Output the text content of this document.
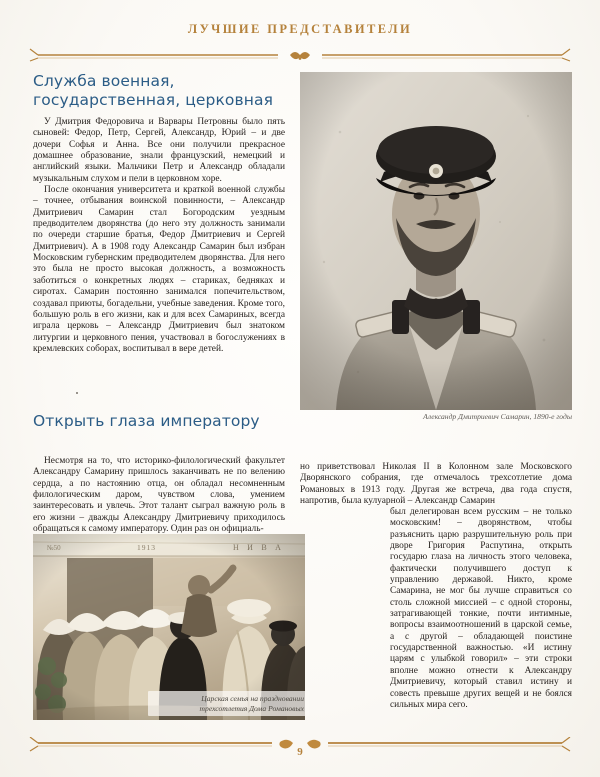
ЛУЧШИЕ ПРЕДСТАВИТЕЛИ
Служба военная, государственная, церковная

У Дмитрия Федоровича и Варвары Петровны было пять сыновей: Федор, Петр, Сергей, Александр, Юрий – и две дочери Софья и Анна. Все они получили прекрасное домашнее образование, знали французский, немецкий и английский языки. Мальчики Петр и Александр обладали музыкальным слухом и пели в церковном хоре.

После окончания университета и краткой военной службы – точнее, отбывания воинской повинности, – Александр Дмитриевич Самарин стал Богородским уездным предводителем дворянства (до него эту должность занимали по очереди старшие братья, Федор Дмитриевич и Сергей Дмитриевич). А в 1908 году Александр Самарин был избран Московским губернским предводителем дворянства. Для него это была не просто высокая должность, а возможность заботиться о конкретных людях – стариках, бедняках и сиротах. Самарин постоянно занимался попечительством, создавал приюты, богадельни, учебные заведения. Кроме того, большую роль в его жизни, как и для всех Самариных, всегда играла церковь – Александр Дмитриевич был знатоком литургии и церковного пения, участвовал в богослужениях в кремлевских соборах, воспитывал в вере детей.

Открыть глаза императору

Несмотря на то, что историко-филологический факультет Александру Самарину пришлось заканчивать не по велению сердца, а по настоянию отца, он обладал несомненным филологическим даром, чувством слова, умением заинтересовать и увлечь. Этот талант сыграл важную роль в его жизни – дважды Александру Дмитриевичу приходилось обращаться к самому императору. Один раз он официаль-

Александр Дмитриевич Самарин, 1890-е годы

но приветствовал Николая II в Колонном зале Московского Дворянского собрания, где отмечалось трехсотлетие дома Романовых в 1913 году. Другая же встреча, два года спустя, напротив, была кулуарной – Александр Самарин

был делегирован всем русским – не только московским! – дворянством, чтобы разъяснить царю разрушительную роль при дворе Григория Распутина, открыть государю глаза на личность этого человека, фактически получившего доступ к управлению державой. Никто, кроме Самарина, не мог бы лучше справиться со столь сложной миссией – с одной стороны, затрагивающей тонкие, почти интимные, вопросы взаимоотношений в царской семье, а с другой – обладающей поистине государственной важностью. «И истину царям с улыбкой говорил» – эти строки вполне можно отнести к Александру Дмитриевичу, который ставил истину и совесть превыше других вещей и не боялся сильных мира сего.

Царская семья на праздновании трехсотлетия Дома Романовых
9
